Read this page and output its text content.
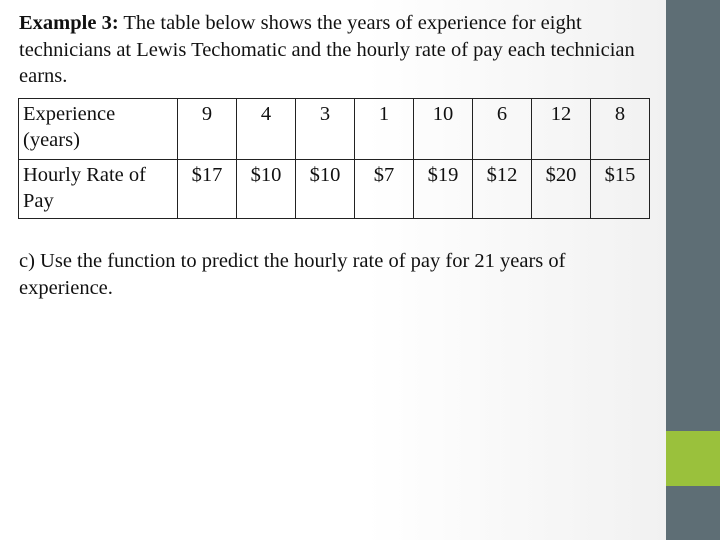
Example 3: The table below shows the years of experience for eight technicians at Lewis Techomatic and the hourly rate of pay each technician earns.
Experience (years)	9	4	3	1	10	6	12	8
Hourly Rate of Pay	$17	$10	$10	$7	$19	$12	$20	$15
c) Use the function to predict the hourly rate of pay for 21 years of experience.
